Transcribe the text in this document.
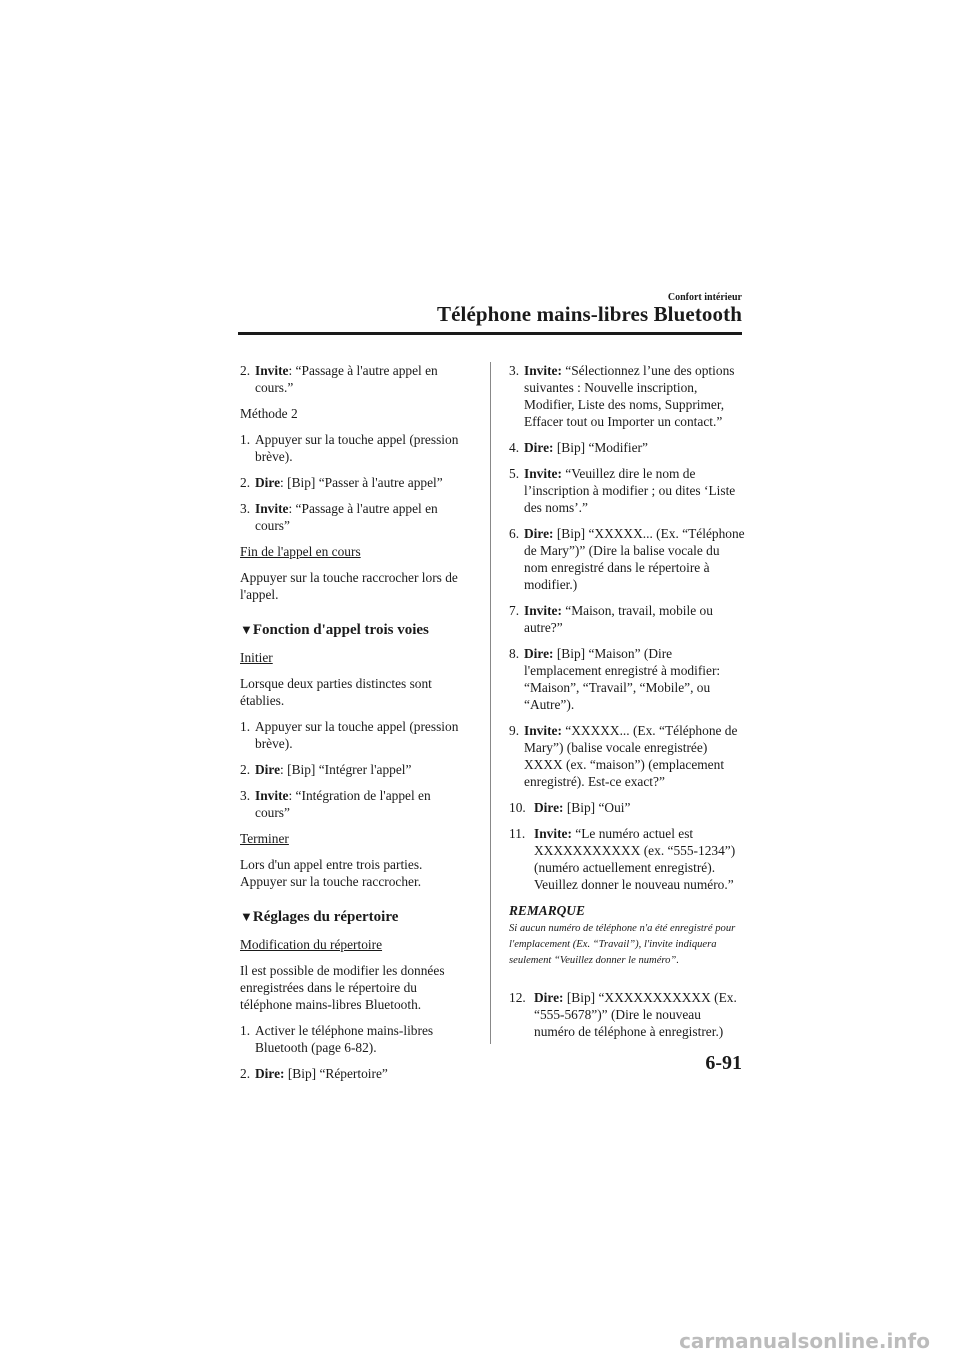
Confort intérieur
Téléphone mains-libres Bluetooth
2. Invite: “Passage à l'autre appel en cours.”

Méthode 2

1. Appuyer sur la touche appel (pression brève).
2. Dire: [Bip] “Passer à l'autre appel”
3. Invite: “Passage à l'autre appel en cours”
Fin de l'appel en cours

Appuyer sur la touche raccrocher lors de l'appel.

▼Fonction d'appel trois voies
Initier

Lorsque deux parties distinctes sont établies.

1. Appuyer sur la touche appel (pression brève).
2. Dire: [Bip] “Intégrer l'appel”
3. Invite: “Intégration de l'appel en cours”
Terminer

Lors d'un appel entre trois parties. Appuyer sur la touche raccrocher.

▼Réglages du répertoire
Modification du répertoire

Il est possible de modifier les données enregistrées dans le répertoire du téléphone mains-libres Bluetooth.

1. Activer le téléphone mains-libres Bluetooth (page 6-82).
2. Dire: [Bip] “Répertoire”
3. Invite: “Sélectionnez l’une des options suivantes : Nouvelle inscription, Modifier, Liste des noms, Supprimer, Effacer tout ou Importer un contact.”
4. Dire: [Bip] “Modifier”
5. Invite: “Veuillez dire le nom de l’inscription à modifier ; ou dites ‘Liste des noms’.”
6. Dire: [Bip] “XXXXX... (Ex. “Téléphone de Mary”)” (Dire la balise vocale du nom enregistré dans le répertoire à modifier.)
7. Invite: “Maison, travail, mobile ou autre?”
8. Dire: [Bip] “Maison” (Dire l'emplacement enregistré à modifier: “Maison”, “Travail”, “Mobile”, ou “Autre”).
9. Invite: “XXXXX... (Ex. “Téléphone de Mary”) (balise vocale enregistrée) XXXX (ex. “maison”) (emplacement enregistré). Est-ce exact?”
10. Dire: [Bip] “Oui”
11. Invite: “Le numéro actuel est XXXXXXXXXXX (ex. “555-1234”) (numéro actuellement enregistré). Veuillez donner le nouveau numéro.”
REMARQUE
Si aucun numéro de téléphone n'a été enregistré pour l'emplacement (Ex. “Travail”), l'invite indiquera seulement “Veuillez donner le numéro”.
12. Dire: [Bip] “XXXXXXXXXXX (Ex. “555-5678”)” (Dire le nouveau numéro de téléphone à enregistrer.)
6-91
carmanualsonline.info
